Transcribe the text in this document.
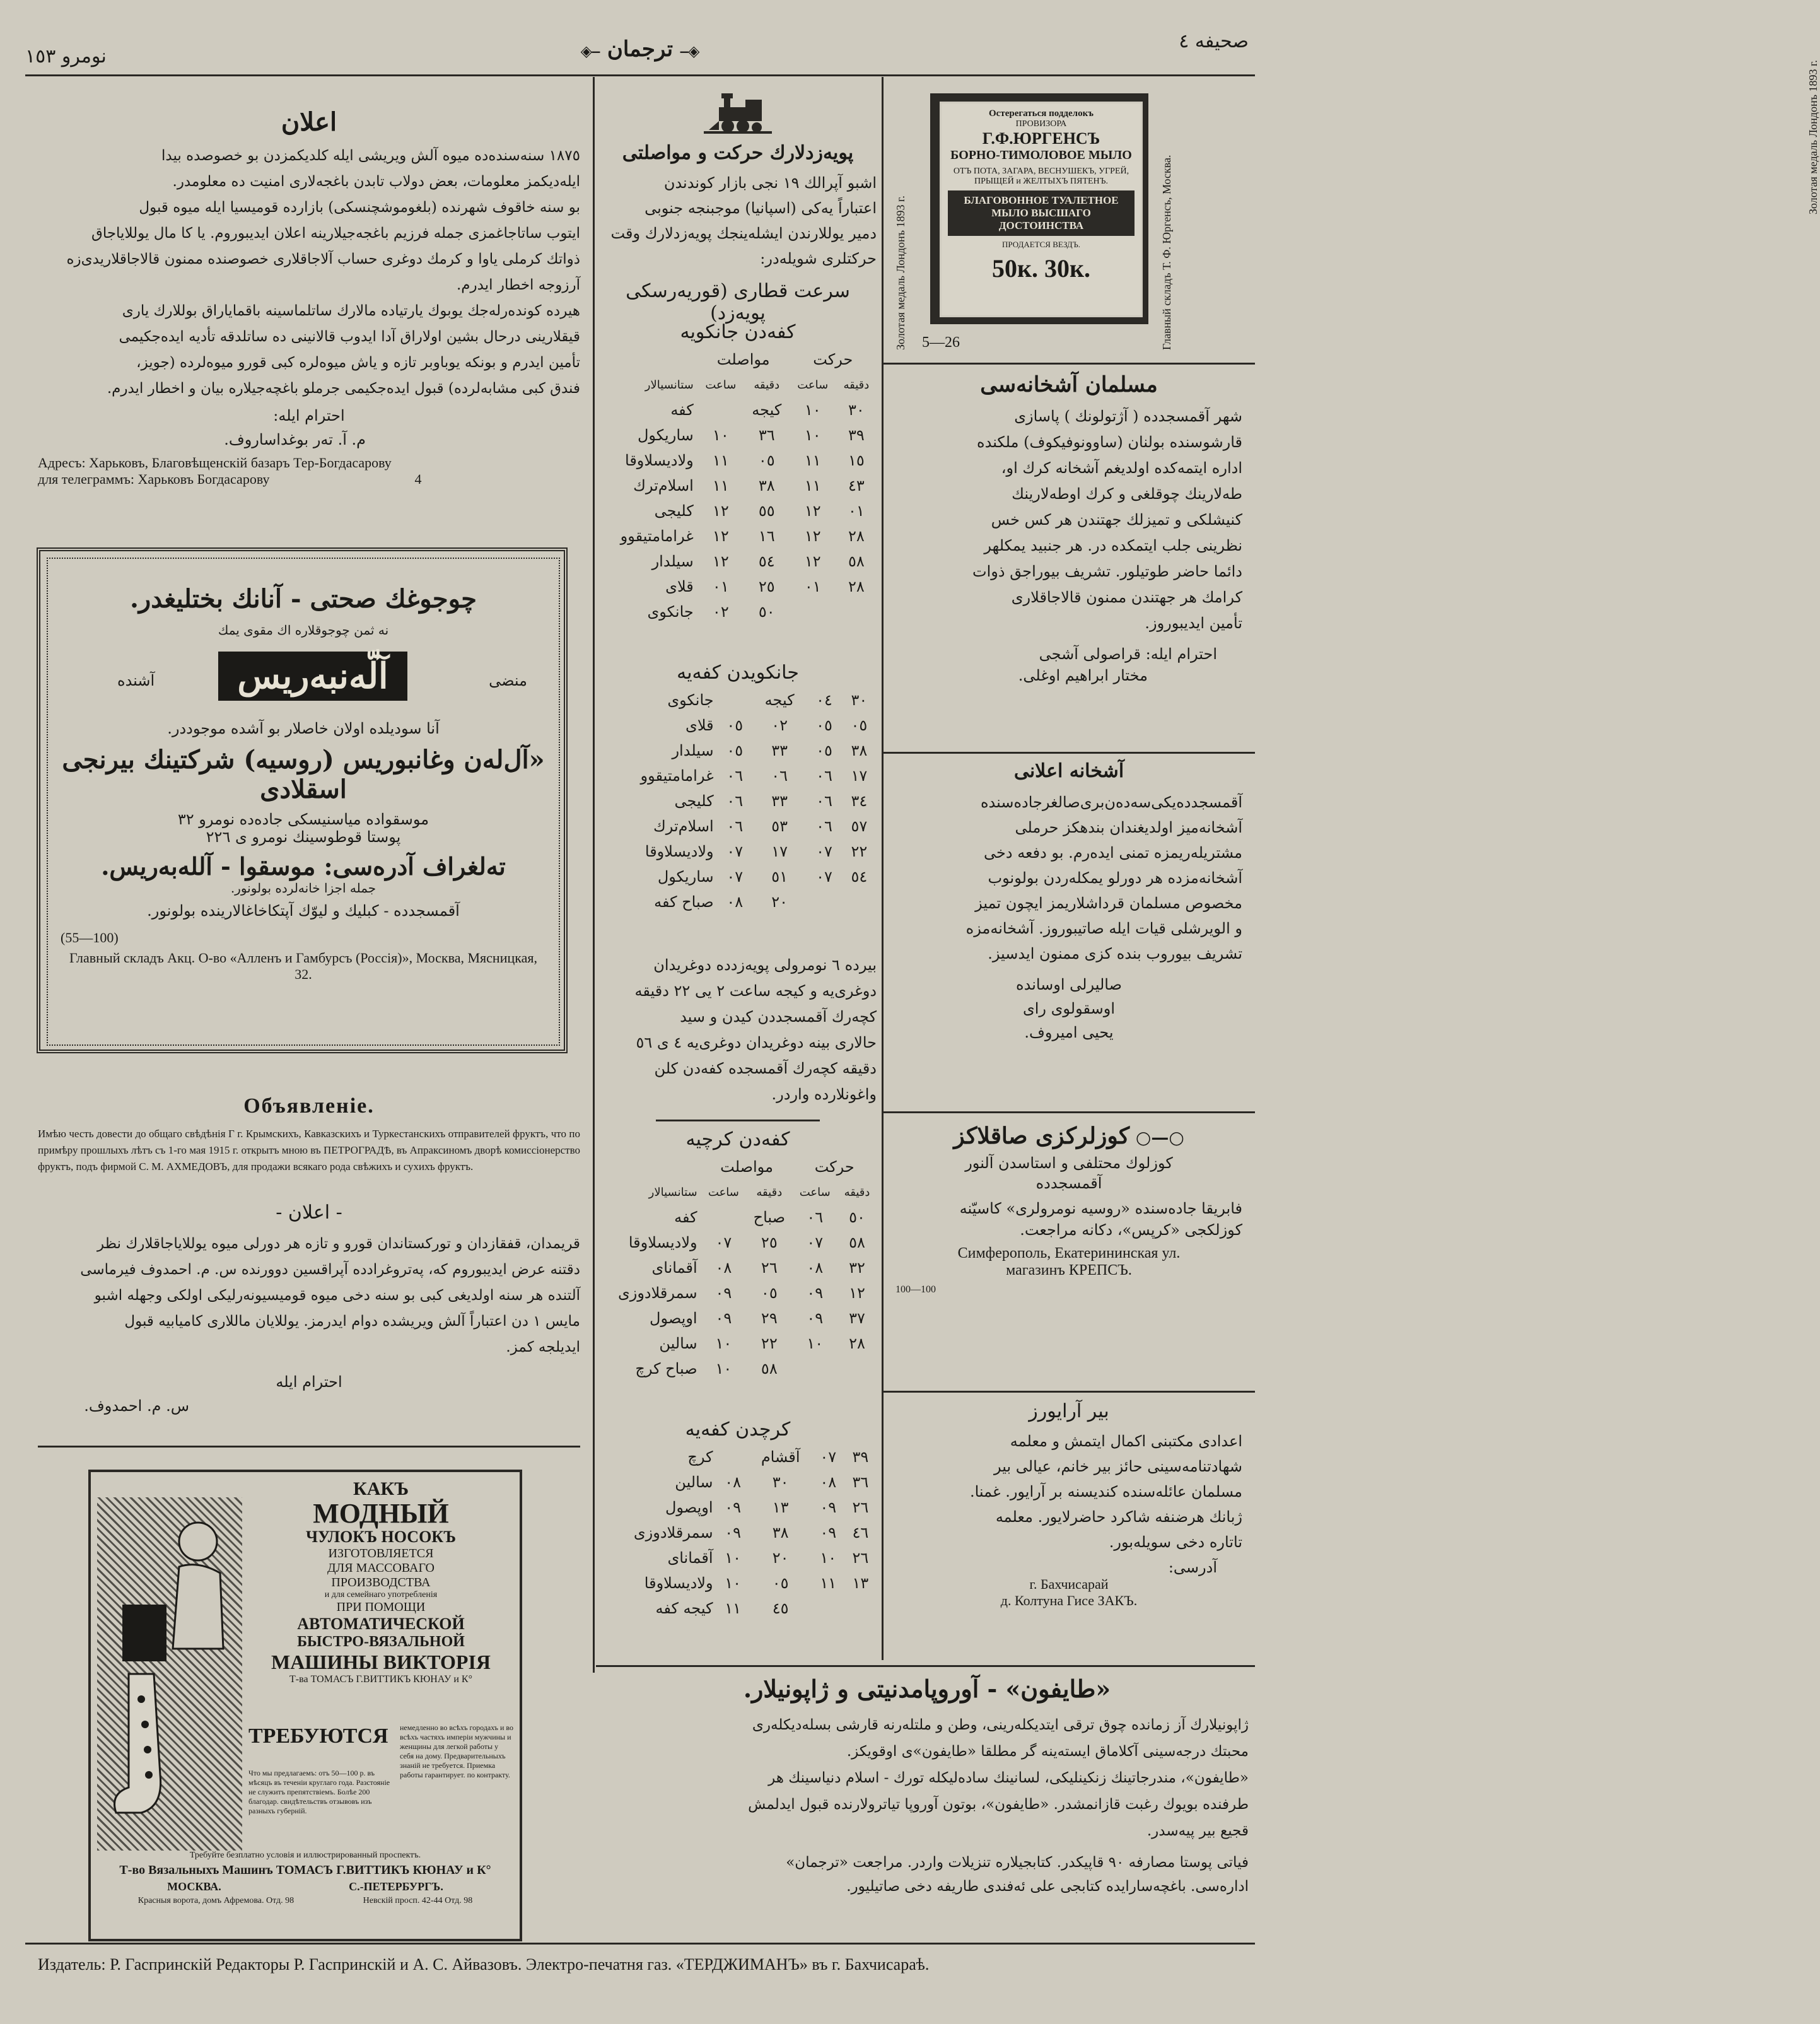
صحیفه ٤
◈⎯ ترجمان ⎯◈
نومرو ١٥٣
Золотая медаль Лондонъ 1893 г.
Золотая медаль Лондонъ 1893 г.	Главный складъ Т. Ф. Юргенсъ, Москва.
Остерегаться подделокъ
ПРОВИЗОРА
Г.Ф.ЮРГЕНСЪ
БОРНО-ТИМОЛОВОЕ МЫЛО
ОТЪ ПОТА, ЗАГАРА, ВЕСНУШЕКЪ, УГРЕЙ, ПРЫЩЕЙ и ЖЕЛТЫХЪ ПЯТЕНЪ.
БЛАГОВОННОЕ ТУАЛЕТНОЕ МЫЛО ВЫСШАГО ДОСТОИНСТВА
ПРОДАЕТСЯ ВЕЗДЪ.
50к. 30к.
5—26
مسلمان آشخانه‌سی
شهر آقمسجدده ( آژتولونك ) پاسازی
قارشوسنده بولنان (ساوونوفیکوف) ملکنده
اداره ایتمه‌کده اولدیغم آشخانه کرك او،
طه‌لارینك چوقلغی و کرك اوطه‌لارینك
کنیشلکی و تمیزلك جهتندن هر کس خس
نظرینی جلب ایتمکده در. هر جنبید یمکلهر
دائما حاضر طوتیلور. تشریف بیوراجق ذوات
کرامك هر جهتندن ممنون قالاجاقلاری
تأمین ایدیبوروز.
احترام ایله: قراصولی آشجی
مختار ابراهیم اوغلی.
آشخانه اعلانی
آقمسجدده‌یکی‌سه‌ده‌ن‌بری‌صالغرجاده‌سنده
آشخانه‌میز اولدیغندان بندهکز حرملی
مشتریله‌ریمزه تمنی ایده‌رم. بو دفعه دخی
آشخانه‌مزده هر دورلو یمکله‌ردن بولونوب
مخصوص مسلمان قرداشلاریمز ایچون تمیز
و الویرشلی قیات ایله صاتیبوروز. آشخانه‌مزه
تشریف بیوروب بنده کزی ممنون ایدسیز.
صالیرلی اوسانده
اوسقولوی رای
یحیی امیروف.
○—○ کوزلرکزی صاقلاکز
کوزلوك محتلفی و استاسدن آلنور
آقمسجدده
فابریقا جادەسندە «روسیه نومرولری» کاسیّنه
کوزلکجی «کرپس»، دکانه مراجعت.
Симферополь, Екатерининская ул.
магазинъ КРЕПСЪ.
100—100
بیر آرایورز
اعدادی مکتبنی اکمال ایتمش و معلمه
شهادتنامه‌سینی حائز بیر خانم، عیالی بیر
مسلمان عائله‌سنده کندیسنه بر آرایور. غمنا.
ژبانك هر‌ضنفه شاکرد حاضرلایور. معلمه
تاتاره دخی سویله‌بور.
آدرسی:
г. Бахчисарай
д. Колтуна Гисе ЗАКЪ.
پویه‌زدلارك حرکت و مواصلتی
اشبو آپرالك ١٩ نجی بازار کوندندن
اعتباراً یه‌کی (اسپانیا) موجبنجه جنوبی
دمیر یوللارندن ایشله‌ینجك پویه‌زدلارك وقت
حرکتلری شویله‌در:
سرعت قطاری (قوریه‌رسکی پویه‌زد)
کفه‌دن جانکویه
حرکت		مواصلت		
دقیقه	ساعت	دقیقه	ساعت	ستانسیالار
٣٠	١٠	کیجه		کفه
٣٩	١٠	٣٦	١٠	ساریکول
١٥	١١	٠٥	١١	ولادیسلاوقا
٤٣	١١	٣٨	١١	اسلام‌ترك
٠١	١٢	٥٥	١٢	کلیجی
٢٨	١٢	١٦	١٢	غرامامتیقوو
٥٨	١٢	٥٤	١٢	سیلدار
٢٨	٠١	٢٥	٠١	قلای
		٥٠	٠٢	جانکوی
جانکویدن کفه‌یه
٣٠	٠٤	کیجه		جانکوی
٠٥	٠٥	٠٢	٠٥	قلای
٣٨	٠٥	٣٣	٠٥	سیلدار
١٧	٠٦	٠٦	٠٦	غرامامتیقوو
٣٤	٠٦	٣٣	٠٦	کلیجی
٥٧	٠٦	٥٣	٠٦	اسلام‌ترك
٢٢	٠٧	١٧	٠٧	ولادیسلاوقا
٥٤	٠٧	٥١	٠٧	ساریکول
		٢٠	٠٨	صباح کفه
بیرده ٦ نومرولی پویه‌زدده دوغریدان
دوغری‌یه و کیجه ساعت ٢ یی ٢٢ دقیقه
کچه‌رك آقمسجددن کیدن و سید
حالاری بینه دوغریدان دوغری‌یه ٤ ی ٥٦
دقیقه کچه‌رك آقمسجده کفه‌دن کلن
واغونلارده واردر.
کفه‌دن کرچیه
حرکت		مواصلت		
دقیقه	ساعت	دقیقه	ساعت	ستانسیالار
٥٠	٠٦	صباح		کفه
٥٨	٠٧	٢٥	٠٧	ولادیسلاوقا
٣٢	٠٨	٢٦	٠٨	آقمانای
١٢	٠٩	٠٥	٠٩	سمرقلادوزی
٣٧	٠٩	٢٩	٠٩	اوپصول
٢٨	١٠	٢٢	١٠	سالین
		٥٨	١٠	صباح کرچ
کرچدن کفه‌یه
٣٩	٠٧	آقشام		کرچ
٣٦	٠٨	٣٠	٠٨	سالین
٢٦	٠٩	١٣	٠٩	اوپصول
٤٦	٠٩	٣٨	٠٩	سمرقلادوزی
٢٦	١٠	٢٠	١٠	آقمانای
١٣	١١	٠٥	١٠	ولادیسلاوقا
		٤٥	١١	کیجه کفه
اعلان
١٨٧٥ سنه‌سنده‌ده میوه آلش ویریشی ایله کلدیکمزدن بو خصوصده بیدا
ایله‌دیکمز معلومات، بعض دولاب تابدن باغجه‌لاری امنیت ده معلومدر.
بو سنه خاقوف شهرنده (بلغوموشچنسکی) بازارده قومیسیا ایله میوه قبول
ایتوب ساتاجاغمزی جمله فرزیم باغجه‌جیلارینه اعلان ایدیبوروم. یا کا مال یوللایاجاق
ذواتك کرملی یاوا و کرمك دوغری حساب آلاجاقلاری خصوصنده ممنون قالاجاقلاریدی‌زه
آرزو‌جه اخطار ایدرم.
هیرده کوندەرلەجك یوبوك یارتیادە مالارك ساتلماسینه باقمایاراق بوللارك یاری
قیقلارینی درحال بشین اولاراق آدا ایدوب قالانینی ده ساتلدقه تأدیه ایده‌جکیمی
تأمین ایدرم و بونکه یوباوبر تازه و یاش میوه‌لره کبی قورو میوه‌لرده (جویز،
فندق کبی مشابه‌لرده) قبول ایده‌جکیمی جرملو باغچه‌جیلاره بیان و اخطار ایدرم.
احترام ایله:
م. آ. ته‌ر بوغداساروف.
Адресъ: Харьковъ, Благовѣщенскій базаръ Тер-Богдасарову
для телеграммъ: Харьковъ Богдасарову	4
چوجوغك صحتی - آنانك بختلیغدر.
نه ثمن چوجوقلاره اك مقوی یمك
منضى
آلّه‌نبه‌ریس
آشنده
آنا سودیلده اولان خاصلار بو آشده موجوددر.
«آل‌له‌ن وغانبوریس (روسیه) شرکتینك بیرنجی
اسقلادی
موسقواده میاسنیسکی جاده‌ده نومرو ٣٢
پوستا قوطوسینك نومرو ی ٢٢٦
ته‌لغراف آدرەسی: موسقوا - آلله‌به‌ریس.
جمله اجزا خانه‌لرده بولونور.
آقمسجدده - کبلیك و لیوّك آپتکاخاغالارینده بولونور.
(55—100)
Главный складъ Акц. О-во «Алленъ и Гамбурсъ (Россія)», Москва, Мясницкая, 32.
Объявленіе.
Имѣю честь довести до общаго свѣдѣнія Г г. Крымскихъ, Кавказскихъ и Туркестанскихъ отправителей фруктъ, что по примѣру прошлыхъ лѣтъ съ 1-го мая 1915 г. открытъ мною въ ПЕТРОГРАДѢ, въ Апраксиномъ дворѣ комиссіонерство фруктъ, подъ фирмой С. М. АХМЕДОВЪ, для продажи всякаго рода свѣжихъ и сухихъ фруктъ.
- اعلان -
قریمدان، قفقازدان و تورکستاندان قورو و تازه هر دورلی میوه یوللایاجاقلارك نظر
دقتنه عرض ایدیبوروم که، پەتروغرادده آپراقسین دوورنده س. م. احمدوف فیرماسی
آلتنده هر سنه اولدیغی کبی بو سنه دخی میوه قومیسیونه‌رلیکی اولکی وجهله اشبو
مایس ١ دن اعتباراً آلش ویریشده دوام ایدرمز. یوللایان ماللاری کامیابیه قبول
ایدیلجه کمز.
احترام ایله
س. م. احمدوف.
КАКЪ
МОДНЫЙ
ЧУЛОКЪ НОСОКЪ
ИЗГОТОВЛЯЕТСЯ
ДЛЯ МАССОВАГО
ПРОИЗВОДСТВА
и для семейнаго употребленія
ПРИ ПОМОЩИ
АВТОМАТИЧЕСКОЙ
БЫСТРО-ВЯЗАЛЬНОЙ
МАШИНЫ ВИКТОРІЯ
Т-ва ТОМАСЪ Г.ВИТТИКЪ КЮНАУ и К°
ТРЕБУЮТСЯ	немедленно во всѣхъ городахъ и во всѣхъ частяхъ имперіи мужчины и женщины для легкой работы у себя на дому. Предварительныхъ знаній не требуется. Приемка работы гарантирует. по контракту.
Что мы предлагаемъ: отъ 50—100 р. въ мѣсяцъ въ теченіи круглаго года. Разстояніе не служитъ препятствіемъ. Болѣе 200 благодар. свидѣтельствъ отзывовъ изъ разныхъ губерній.
Требуйте безплатно условія и иллюстрированный проспектъ.
Т-во Вязальныхъ Машинъ ТОМАСЪ Г.ВИТТИКЪ КЮНАУ и К°
МОСКВА.	С.-ПЕТЕРБУРГЪ.
Красныя ворота, домъ Афремова. Отд. 98	Невскій просп. 42-44 Отд. 98
«طایفون» - آوروپامدنیتی و ژاپونیلار.
ژاپونیلارك آز زمانده چوق ترقی ایتدیکله‌رینی، وطن و ملتلەرنه قارشی بسله‌دیکله‌ری
محبتك درجه‌سینی آکلاماق ایسته‌ینه گر مطلقا «طایفون»ی اوقویکز.
«طایفون»، مندرجاتینك زنکینلیکی، لسانینك ساده‌لیکله تورك - اسلام دنیاسینك هر
طرفنده بویوك رغبت قازانمشدر. «طایفون»، بوتون آوروپا تیاترولارنده قبول ایدلمش
قجیع بیر پیه‌سدر.
فیاتی پوستا مصارفه ٩٠ قاپیکدر. کتابجیلاره تنزیلات واردر. مراجعت «ترجمان»
ادارەسی. باغچەسارایده کتابجی علی ئەفندی طاریفه دخی صاتیلیور.
Издатель: Р. Гаспринскій Редакторы Р. Гаспринскій и А. С. Айвазовъ. Электро-печатня газ. «ТЕРДЖИМАНЪ» въ г. Бахчисараѣ.
